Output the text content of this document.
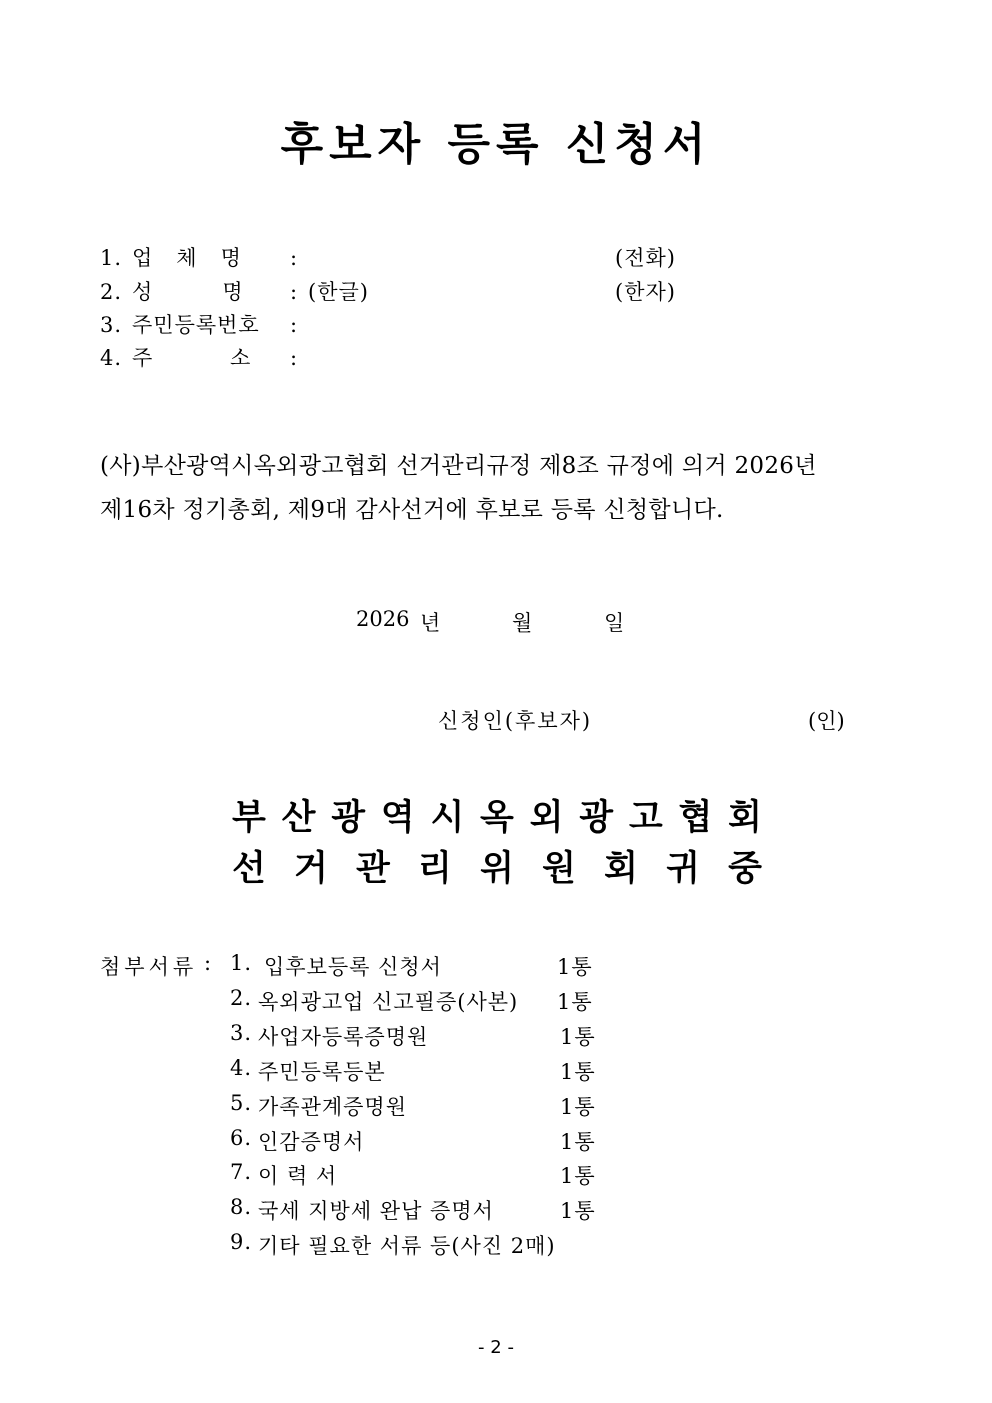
후보자 등록 신청서
1. 업   체   명 :	(전화)
2. 성         명 : (한글)	(한자)
3. 주민등록번호 :
4. 주          소 :
(사)부산광역시옥외광고협회 선거관리규정 제8조 규정에 의거 2026년
제16차 정기총회, 제9대 감사선거에 후보로 등록 신청합니다.
2026 년	월	일
신청인(후보자)	(인)
부 산 광 역 시 옥 외 광 고 협 회
선 거 관 리 위 원 회 귀 중
첨부서류 : 1. 입후보등록 신청서	1통
2. 옥외광고업 신고필증(사본) 1통
3. 사업자등록증명원	1통
4. 주민등록등본	1통
5. 가족관계증명원	1통
6. 인감증명서	1통
7. 이 력 서	1통
8. 국세 지방세 완납 증명서	1통
9. 기타 필요한 서류 등(사진 2매)
- 2 -
